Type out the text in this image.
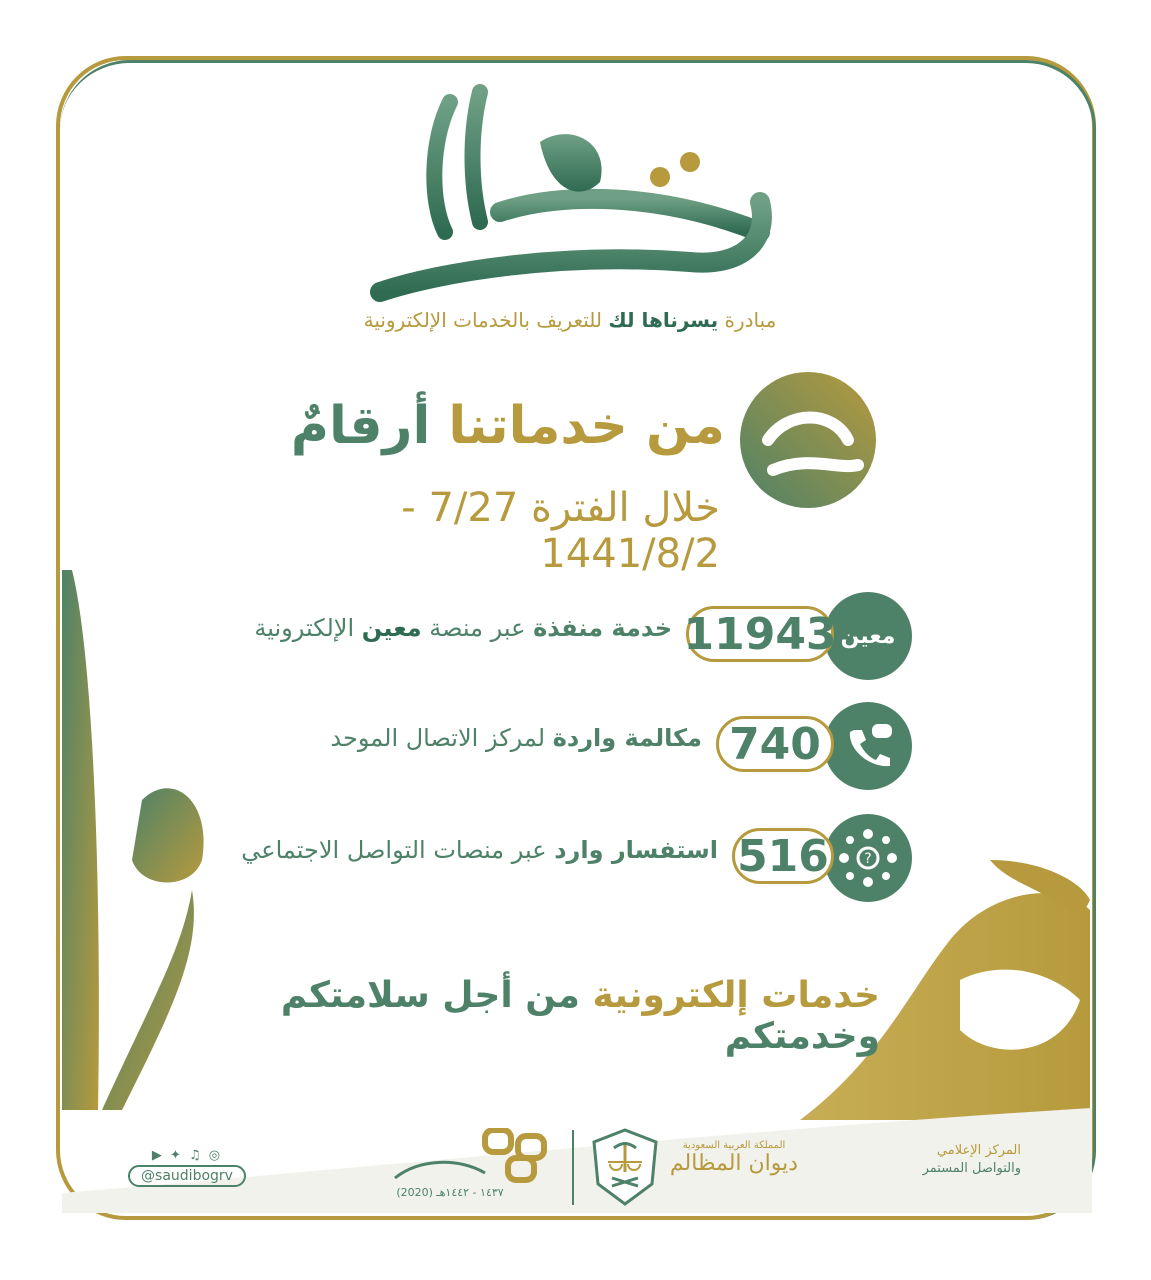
مبادرة يسرناها لك للتعريف بالخدمات الإلكترونية
من خدماتنا أرقامٌ
خلال الفترة 7/27 - 1441/8/2
معين
11943
خدمة منفذة عبر منصة معين الإلكترونية
740
مكالمة واردة لمركز الاتصال الموحد
?
516
استفسار وارد عبر منصات التواصل الاجتماعي
خدمات إلكترونية من أجل سلامتكم وخدمتكم
▶ ✦ ♫ ◎
@saudibogrv
١٤٣٧ - ١٤٤٢هـ (2020)
المملكة العربية السعودية
ديوان المظالم
المركز الإعلامي
والتواصل المستمر
